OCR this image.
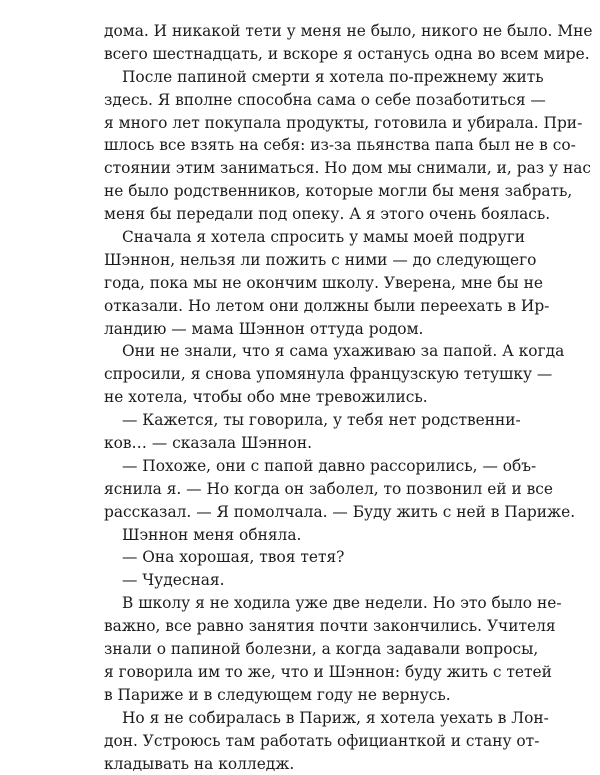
дома. И никакой тети у меня не было, никого не было. Мне
всего шестнадцать, и вскоре я останусь одна во всем мире.
После папиной смерти я хотела по-прежнему жить
здесь. Я вполне способна сама о себе позаботиться —
я много лет покупала продукты, готовила и убирала. При-
шлось все взять на себя: из-за пьянства папа был не в со-
стоянии этим заниматься. Но дом мы снимали, и, раз у нас
не было родственников, которые могли бы меня забрать,
меня бы передали под опеку. А я этого очень боялась.
Сначала я хотела спросить у мамы моей подруги
Шэннон, нельзя ли пожить с ними — до следующего
года, пока мы не окончим школу. Уверена, мне бы не
отказали. Но летом они должны были переехать в Ир-
ландию — мама Шэннон оттуда родом.
Они не знали, что я сама ухаживаю за папой. А когда
спросили, я снова упомянула французскую тетушку —
не хотела, чтобы обо мне тревожились.
— Кажется, ты говорила, у тебя нет родственни-
ков… — сказала Шэннон.
— Похоже, они с папой давно рассорились, — объ-
яснила я. — Но когда он заболел, то позвонил ей и все
рассказал. — Я помолчала. — Буду жить с ней в Париже.
Шэннон меня обняла.
— Она хорошая, твоя тетя?
— Чудесная.
В школу я не ходила уже две недели. Но это было не-
важно, все равно занятия почти закончились. Учителя
знали о папиной болезни, а когда задавали вопросы,
я говорила им то же, что и Шэннон: буду жить с тетей
в Париже и в следующем году не вернусь.
Но я не собиралась в Париж, я хотела уехать в Лон-
дон. Устроюсь там работать официанткой и стану от-
кладывать на колледж.
